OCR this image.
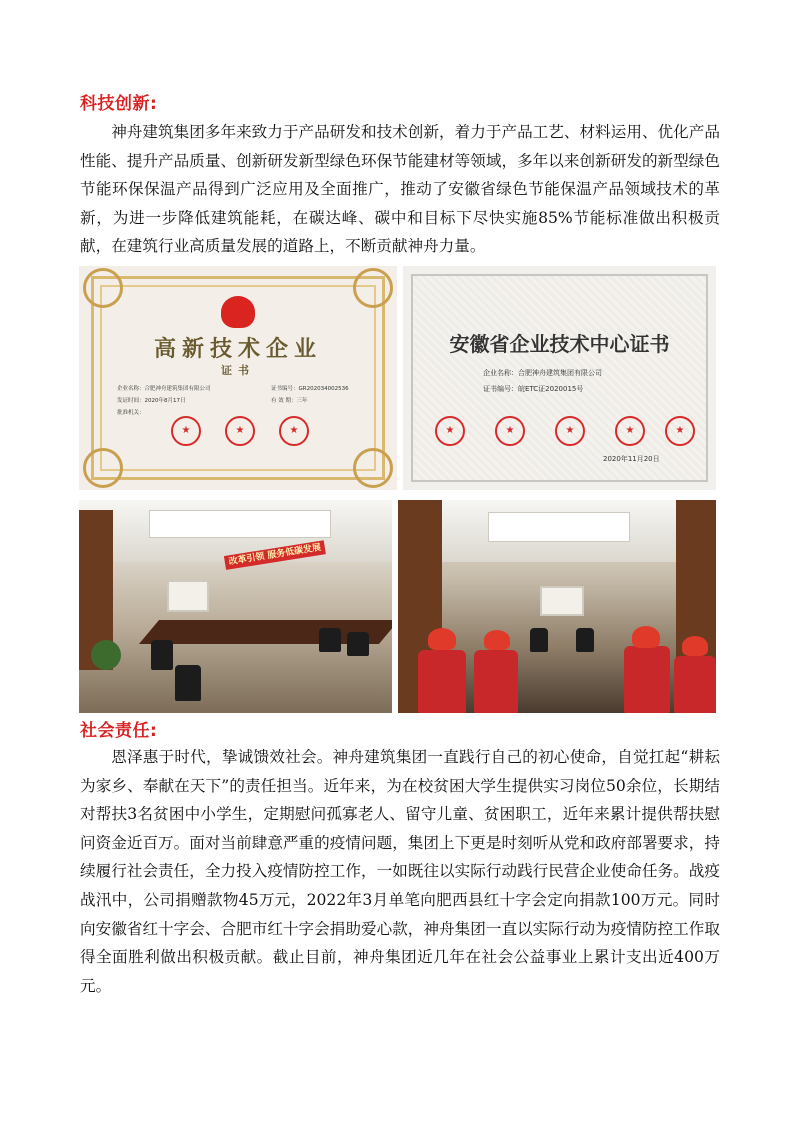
科技创新:

神舟建筑集团多年来致力于产品研发和技术创新，着力于产品工艺、材料运用、优化产品性能、提升产品质量、创新研发新型绿色环保节能建材等领域，多年以来创新研发的新型绿色节能环保保温产品得到广泛应用及全面推广，推动了安徽省绿色节能保温产品领域技术的革新，为进一步降低建筑能耗，在碳达峰、碳中和目标下尽快实施85%节能标准做出积极贡献，在建筑行业高质量发展的道路上，不断贡献神舟力量。

高新技术企业
证书
企业名称：合肥神舟建筑集团有限公司	证书编号：GR202034002536
发证时间：2020年8月17日	有 效 期：三年
批准机关：
★	★	★
安徽省企业技术中心证书
企业名称：合肥神舟建筑集团有限公司
证书编号：皖ETC证2020015号
★	★	★	★	★
2020年11月20日
改革引领 服务低碳发展
社会责任:

恩泽惠于时代，挚诚馈效社会。神舟建筑集团一直践行自己的初心使命，自觉扛起“耕耘为家乡、奉献在天下”的责任担当。近年来，为在校贫困大学生提供实习岗位50余位，长期结对帮扶3名贫困中小学生，定期慰问孤寡老人、留守儿童、贫困职工，近年来累计提供帮扶慰问资金近百万。面对当前肆意严重的疫情问题，集团上下更是时刻听从党和政府部署要求，持续履行社会责任，全力投入疫情防控工作，一如既往以实际行动践行民营企业使命任务。战疫战汛中，公司捐赠款物45万元，2022年3月单笔向肥西县红十字会定向捐款100万元。同时向安徽省红十字会、合肥市红十字会捐助爱心款，神舟集团一直以实际行动为疫情防控工作取得全面胜利做出积极贡献。截止目前，神舟集团近几年在社会公益事业上累计支出近400万元。
